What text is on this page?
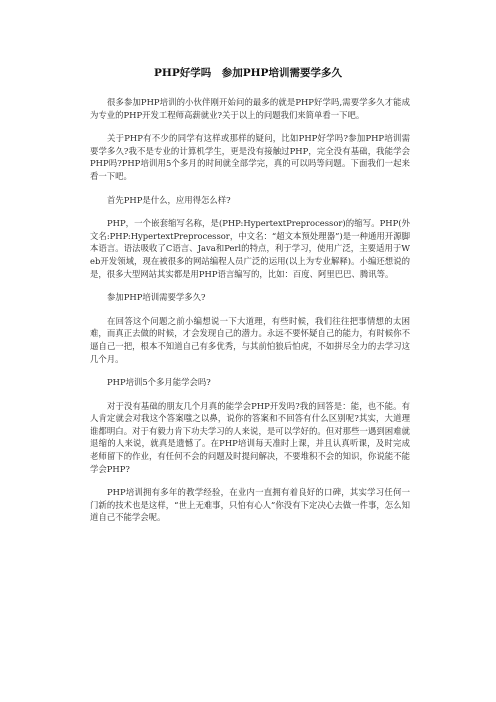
PHP好学吗　参加PHP培训需要学多久

很多参加PHP培训的小伙伴刚开始问的最多的就是PHP好学吗,需要学多久才能成为专业的PHP开发工程师高薪就业?关于以上的问题我们来简单看一下吧。

关于PHP有不少的同学有这样或那样的疑问，比如PHP好学吗?参加PHP培训需要学多久?我不是专业的计算机学生，更是没有接触过PHP，完全没有基础，我能学会PHP吗?PHP培训用5个多月的时间就全部学完，真的可以吗等问题。下面我们一起来看一下吧。

首先PHP是什么，应用得怎么样?

PHP，一个嵌套缩写名称，是(PHP:HypertextPreprocessor)的缩写。PHP(外文名:PHP:HypertextPreprocessor，中文名：“超文本预处理器”)是一种通用开源脚本语言。语法吸收了C语言、Java和Perl的特点，利于学习，使用广泛，主要适用于Web开发领域，现在被很多的网站编程人员广泛的运用(以上为专业解释)。小编还想说的是，很多大型网站其实都是用PHP语言编写的，比如：百度、阿里巴巴、腾讯等。

参加PHP培训需要学多久?

在回答这个问题之前小编想说一下大道理，有些时候，我们往往把事情想的太困难，而真正去做的时候，才会发现自己的潜力。永远不要怀疑自己的能力，有时候你不逼自己一把，根本不知道自己有多优秀，与其前怕狼后怕虎，不如拼尽全力的去学习这几个月。

PHP培训5个多月能学会吗?

对于没有基础的朋友几个月真的能学会PHP开发吗?我的回答是：能，也不能。有人肯定就会对我这个答案嗤之以鼻，说你的答案和不回答有什么区别呢?其实，大道理谁都明白。对于有毅力肯下功夫学习的人来说，是可以学好的。但对那些一遇到困难就退缩的人来说，就真是遗憾了。在PHP培训每天准时上课，并且认真听课，及时完成老师留下的作业，有任何不会的问题及时提问解决，不要堆积不会的知识，你说能不能学会PHP?

PHP培训拥有多年的教学经验，在业内一直拥有着良好的口碑，其实学习任何一门新的技术也是这样，“世上无难事，只怕有心人”你没有下定决心去做一件事，怎么知道自己不能学会呢。
